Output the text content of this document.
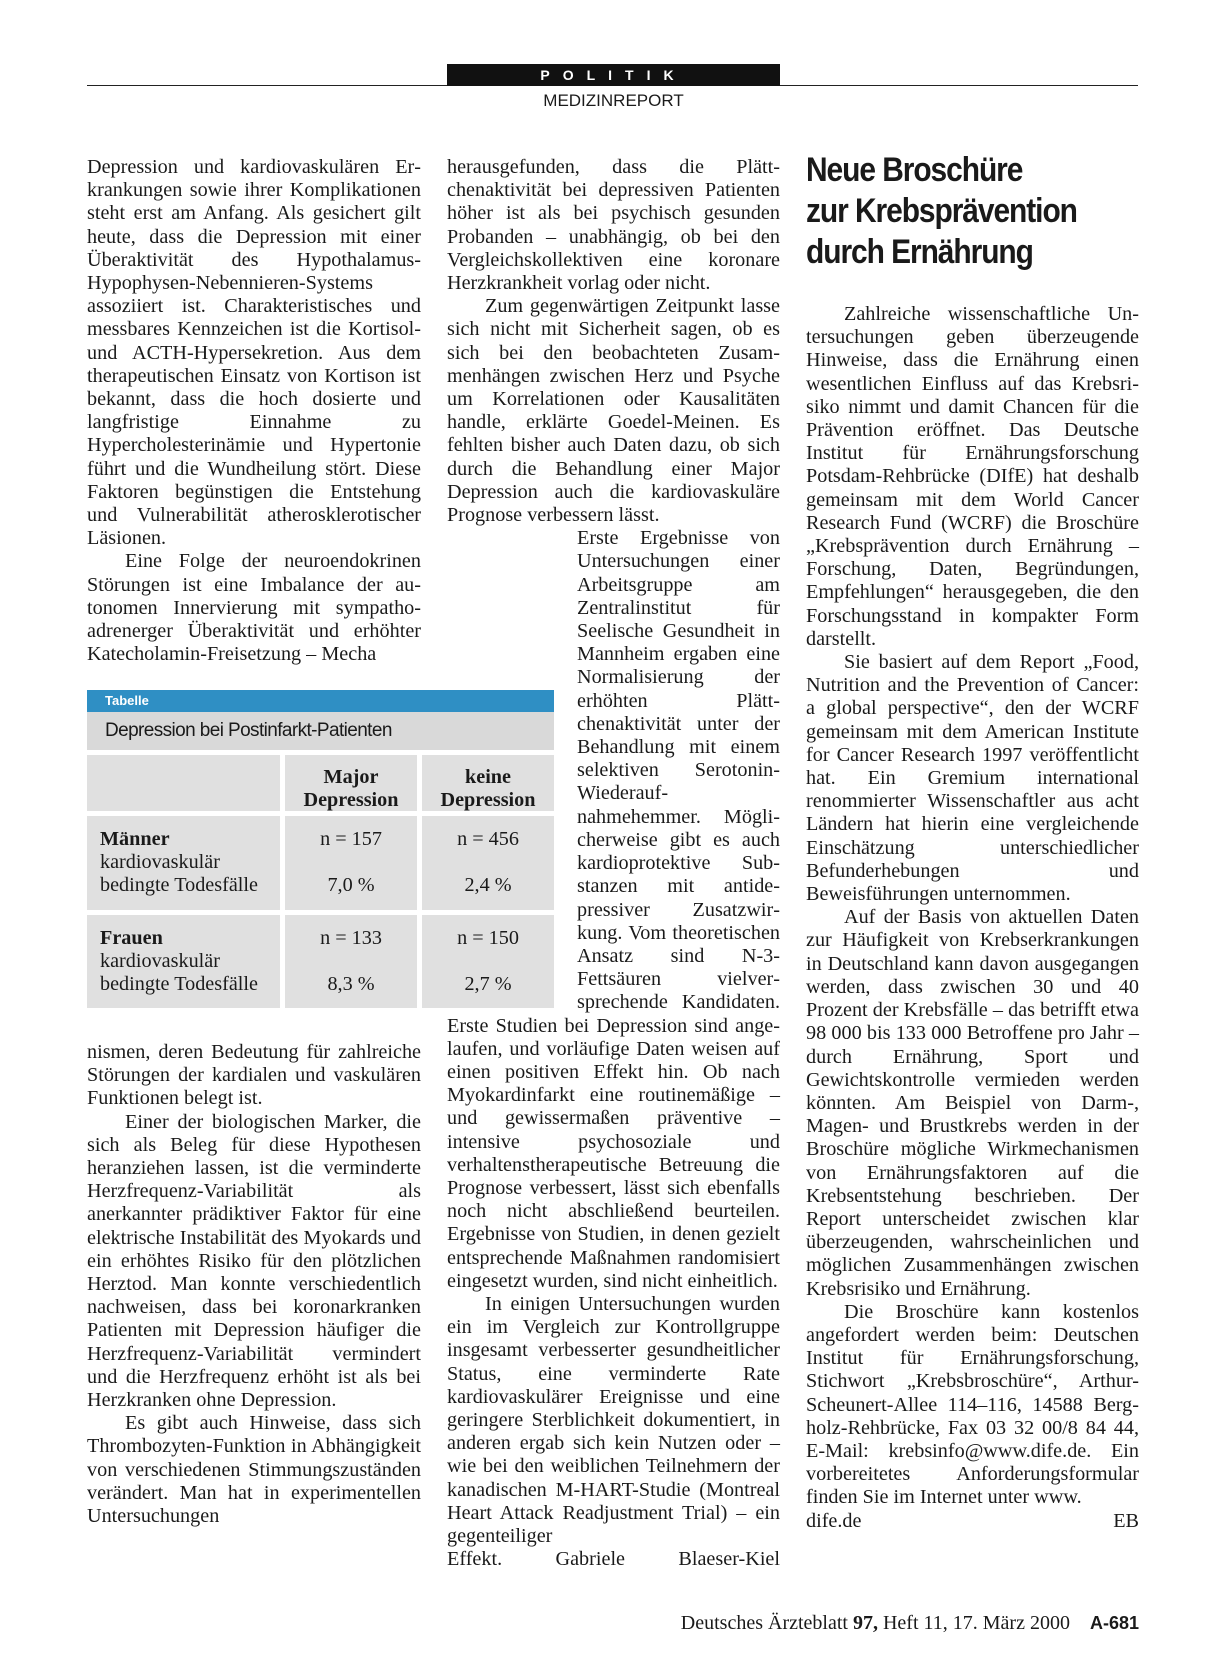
POLITIK
MEDIZINREPORT

Depression und kardiovaskulären Erkrankungen sowie ihrer Komplikationen steht erst am Anfang. Als gesichert gilt heute, dass die Depression mit einer Überaktivität des Hypothalamus-Hypophysen-Nebennieren-Systems assoziiert ist. Charakteristisches und messbares Kennzeichen ist die Kortisol- und ACTH-Hypersekretion. Aus dem therapeutischen Einsatz von Kortison ist bekannt, dass die hoch dosierte und langfristige Einnahme zu Hypercholesterinämie und Hypertonie führt und die Wundheilung stört. Diese Faktoren begünstigen die Entstehung und Vulnerabilität atherosklerotischer Läsionen.

Eine Folge der neuroendokrinen Störungen ist eine Imbalance der autonomen Innervierung mit sympathoadrenerger Überaktivität und erhöhter Katecholamin-Freisetzung – Mecha

Tabelle
Depression bei Postinfarkt-Patienten
Major Depression
keine Depression
Männer
kardiovaskulär bedingte Todesfälle
n = 157
7,0 %
n = 456
2,4 %
Frauen
kardiovaskulär bedingte Todesfälle
n = 133
8,3 %
n = 150
2,7 %

nismen, deren Bedeutung für zahlreiche Störungen der kardialen und vaskulären Funktionen belegt ist.

Einer der biologischen Marker, die sich als Beleg für diese Hypothesen heranziehen lassen, ist die verminderte Herzfrequenz-Variabilität als anerkannter prädiktiver Faktor für eine elektrische Instabilität des Myokards und ein erhöhtes Risiko für den plötzlichen Herztod. Man konnte verschiedentlich nachweisen, dass bei koronarkranken Patienten mit Depression häufiger die Herzfrequenz-Variabilität vermindert und die Herzfrequenz erhöht ist als bei Herzkranken ohne Depression.

Es gibt auch Hinweise, dass sich Thrombozyten-Funktion in Abhängigkeit von verschiedenen Stimmungszuständen verändert. Man hat in experimentellen Untersuchungen

herausgefunden, dass die Plättchenaktivität bei depressiven Patienten höher ist als bei psychisch gesunden Probanden – unabhängig, ob bei den Vergleichskollektiven eine koronare Herzkrankheit vorlag oder nicht.

Zum gegenwärtigen Zeitpunkt lasse sich nicht mit Sicherheit sagen, ob es sich bei den beobachteten Zusammenhängen zwischen Herz und Psyche um Korrelationen oder Kausalitäten handle, erklärte Goedel-Meinen. Es fehlten bisher auch Daten dazu, ob sich durch die Behandlung einer Major Depression auch die kardiovaskuläre Prognose verbessern lässt.

Erste Ergebnisse von Untersuchungen einer Arbeitsgruppe am Zentralinstitut für Seelische Gesundheit in Mannheim ergaben eine Normalisierung der erhöhten Plättchenaktivität unter der Behandlung mit einem selektiven Serotonin-Wiederaufnahmehemmer. Möglicherweise gibt es auch kardioprotektive Substanzen mit antidepressiver Zusatzwirkung. Vom theoretischen Ansatz sind N-3-Fettsäuren vielversprechende Kandidaten. Erste Studien bei Depression sind angelaufen, und vorläufige Daten weisen auf einen positiven Effekt hin. Ob nach Myokardinfarkt eine routinemäßige – und gewissermaßen präventive – intensive psychosoziale und verhaltenstherapeutische Betreuung die Prognose verbessert, lässt sich ebenfalls noch nicht abschließend beurteilen. Ergebnisse von Studien, in denen gezielt entsprechende Maßnahmen randomisiert eingesetzt wurden, sind nicht einheitlich.

In einigen Untersuchungen wurden ein im Vergleich zur Kontrollgruppe insgesamt verbesserter gesundheitlicher Status, eine verminderte Rate kardiovaskulärer Ereignisse und eine geringere Sterblichkeit dokumentiert, in anderen ergab sich kein Nutzen oder – wie bei den weiblichen Teilnehmern der kanadischen M-HART-Studie (Montreal Heart Attack Readjustment Trial) – ein gegenteiliger

Effekt.	Gabriele Blaeser-Kiel

Neue Broschüre
zur Krebsprävention
durch Ernährung

Zahlreiche wissenschaftliche Untersuchungen geben überzeugende Hinweise, dass die Ernährung einen wesentlichen Einfluss auf das Krebsrisiko nimmt und damit Chancen für die Prävention eröffnet. Das Deutsche Institut für Ernährungsforschung Potsdam-Rehbrücke (DIfE) hat deshalb gemeinsam mit dem World Cancer Research Fund (WCRF) die Broschüre „Krebsprävention durch Ernährung – Forschung, Daten, Begründungen, Empfehlungen“ herausgegeben, die den Forschungsstand in kompakter Form darstellt.

Sie basiert auf dem Report „Food, Nutrition and the Prevention of Cancer: a global perspective“, den der WCRF gemeinsam mit dem American Institute for Cancer Research 1997 veröffentlicht hat. Ein Gremium international renommierter Wissenschaftler aus acht Ländern hat hierin eine vergleichende Einschätzung unterschiedlicher Befunderhebungen und Beweisführungen unternommen.

Auf der Basis von aktuellen Daten zur Häufigkeit von Krebserkrankungen in Deutschland kann davon ausgegangen werden, dass zwischen 30 und 40 Prozent der Krebsfälle – das betrifft etwa 98 000 bis 133 000 Betroffene pro Jahr – durch Ernährung, Sport und Gewichtskontrolle vermieden werden könnten. Am Beispiel von Darm-, Magen- und Brustkrebs werden in der Broschüre mögliche Wirkmechanismen von Ernährungsfaktoren auf die Krebsentstehung beschrieben. Der Report unterscheidet zwischen klar überzeugenden, wahrscheinlichen und möglichen Zusammenhängen zwischen Krebsrisiko und Ernährung.

Die Broschüre kann kostenlos angefordert werden beim: Deutschen Institut für Ernährungsforschung, Stichwort „Krebsbroschüre“, Arthur-Scheunert-Allee 114–116, 14588 Bergholz-Rehbrücke, Fax 03 32 00/8 84 44, E-Mail: krebsinfo@www.dife.de. Ein vorbereitetes Anforderungsformular finden Sie im Internet unter www.

dife.de	EB

Deutsches Ärzteblatt 97, Heft 11, 17. März 2000 A-681
